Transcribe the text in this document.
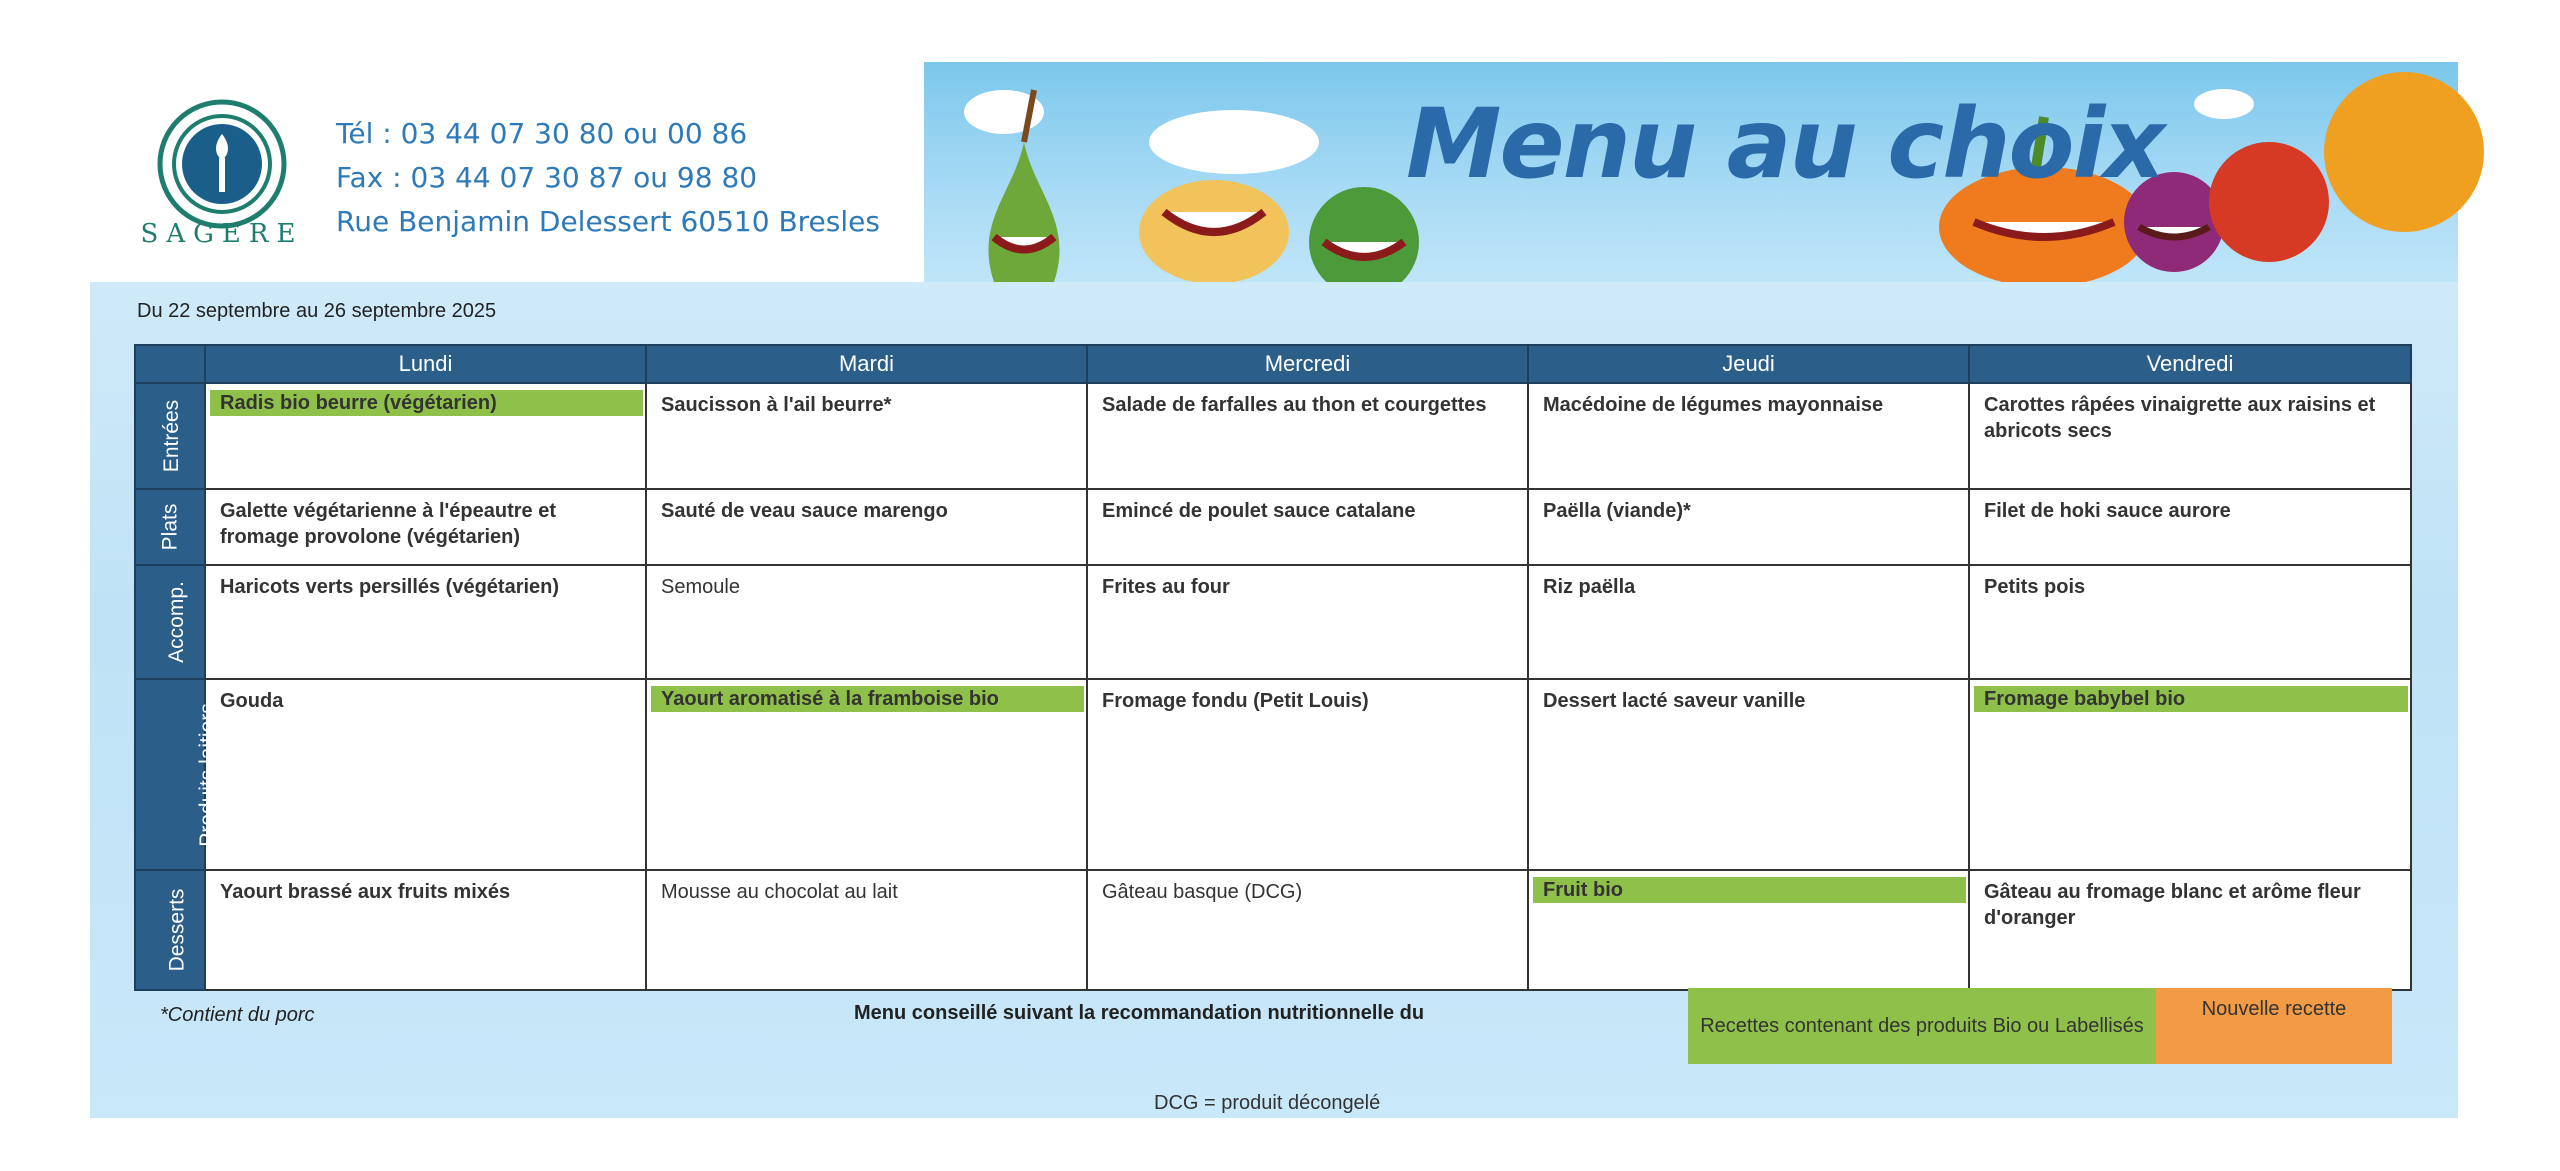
SAGERE
Tél : 03 44 07 30 80 ou 00 86
Fax : 03 44 07 30 87 ou 98 80
Rue Benjamin Delessert 60510 Bresles
Menu au choix
Du 22 septembre au 26 septembre 2025
	Lundi	Mardi	Mercredi	Jeudi	Vendredi
Entrées	Radis bio beurre (végétarien)	Saucisson à l'ail beurre*	Salade de farfalles au thon et courgettes	Macédoine de légumes mayonnaise	Carottes râpées vinaigrette aux raisins et abricots secs
Plats	Galette végétarienne à l'épeautre et fromage provolone (végétarien)	Sauté de veau sauce marengo	Emincé de poulet sauce catalane	Paëlla (viande)*	Filet de hoki sauce aurore
Accomp.	Haricots verts persillés (végétarien)	Semoule	Frites au four	Riz paëlla	Petits pois
Produits laitiers	Gouda	Yaourt aromatisé à la framboise bio	Fromage fondu (Petit Louis)	Dessert lacté saveur vanille	Fromage babybel bio

Desserts	Yaourt brassé aux fruits mixés	Mousse au chocolat au lait	Gâteau basque (DCG)	Fruit bio	Gâteau au fromage blanc et arôme fleur d'oranger
*Contient du porc	Menu conseillé suivant la recommandation nutritionnelle du
Recettes contenant des produits Bio ou Labellisés
Nouvelle recette
DCG = produit décongelé
